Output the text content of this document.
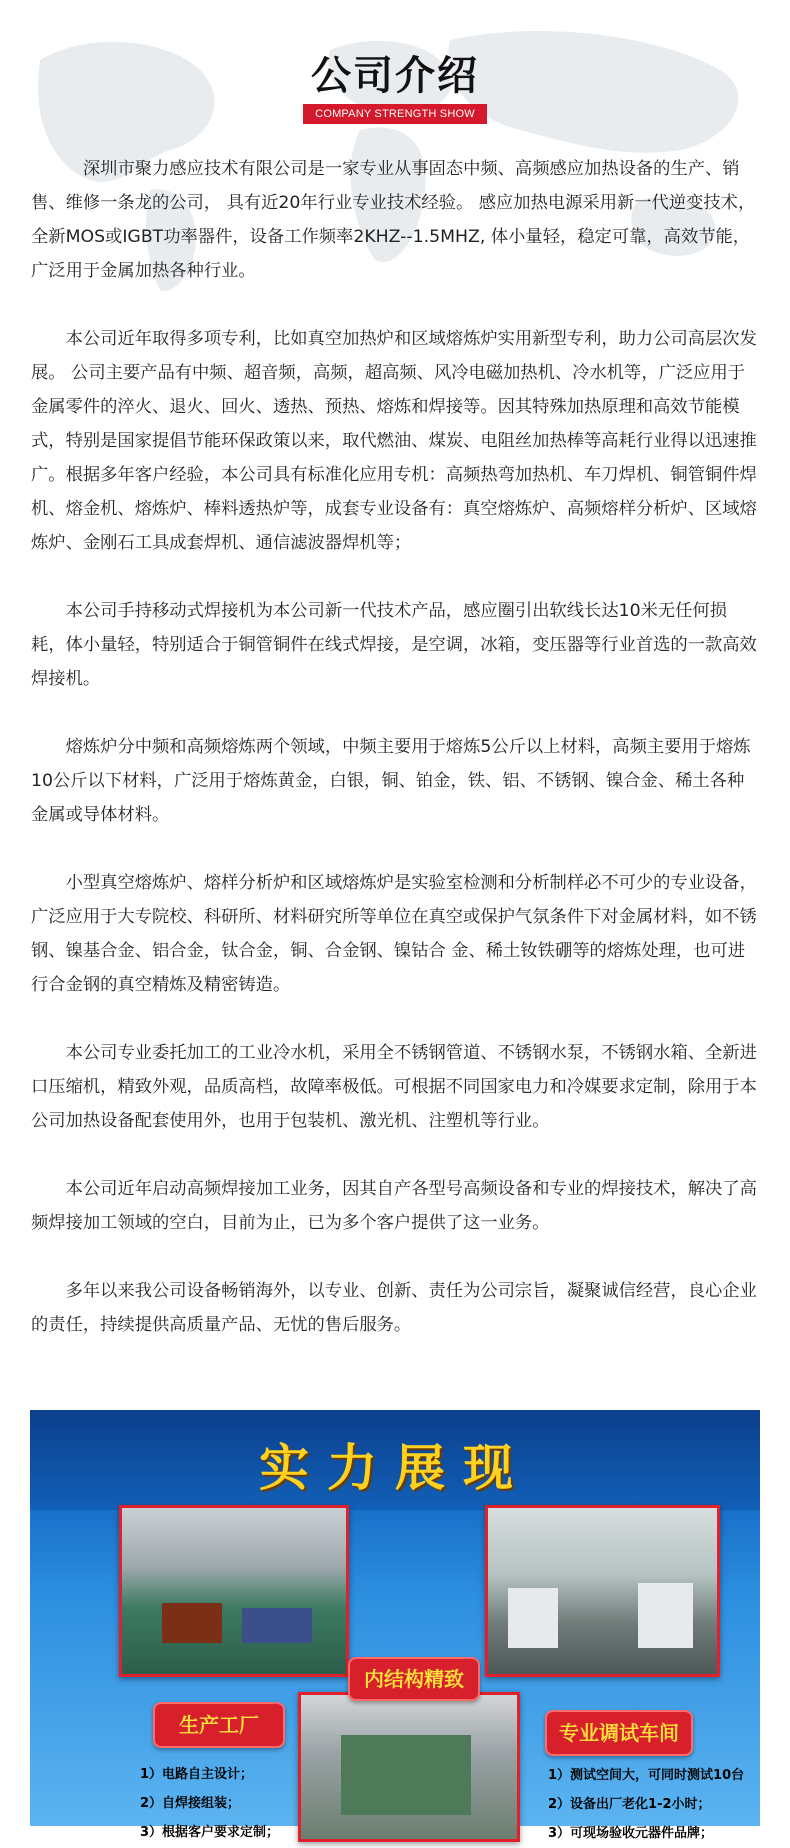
公司介绍
COMPANY STRENGTH SHOW

深圳市聚力感应技术有限公司是一家专业从事固态中频、高频感应加热设备的生产、销售、维修一条龙的公司， 具有近20年行业专业技术经验。 感应加热电源采用新一代逆变技术，全新MOS或IGBT功率器件，设备工作频率2KHZ--1.5MHZ, 体小量轻，稳定可靠，高效节能，广泛用于金属加热各种行业。

本公司近年取得多项专利，比如真空加热炉和区域熔炼炉实用新型专利，助力公司高层次发展。 公司主要产品有中频、超音频，高频，超高频、风冷电磁加热机、冷水机等，广泛应用于金属零件的淬火、退火、回火、透热、预热、熔炼和焊接等。因其特殊加热原理和高效节能模式，特别是国家提倡节能环保政策以来，取代燃油、煤炭、电阻丝加热棒等高耗行业得以迅速推广。根据多年客户经验，本公司具有标准化应用专机：高频热弯加热机、车刀焊机、铜管铜件焊机、熔金机、熔炼炉、棒料透热炉等，成套专业设备有：真空熔炼炉、高频熔样分析炉、区域熔炼炉、金刚石工具成套焊机、通信滤波器焊机等；

本公司手持移动式焊接机为本公司新一代技术产品，感应圈引出软线长达10米无任何损耗，体小量轻，特别适合于铜管铜件在线式焊接，是空调，冰箱，变压器等行业首选的一款高效焊接机。

熔炼炉分中频和高频熔炼两个领域，中频主要用于熔炼5公斤以上材料，高频主要用于熔炼10公斤以下材料，广泛用于熔炼黄金，白银，铜、铂金，铁、铝、不锈钢、镍合金、稀土各种金属或导体材料。

小型真空熔炼炉、熔样分析炉和区域熔炼炉是实验室检测和分析制样必不可少的专业设备，广泛应用于大专院校、科研所、材料研究所等单位在真空或保护气氛条件下对金属材料，如不锈钢、镍基合金、铝合金，钛合金，铜、合金钢、镍钴合 金、稀土钕铁硼等的熔炼处理，也可进行合金钢的真空精炼及精密铸造。

本公司专业委托加工的工业冷水机，采用全不锈钢管道、不锈钢水泵，不锈钢水箱、全新进口压缩机，精致外观，品质高档，故障率极低。可根据不同国家电力和冷媒要求定制，除用于本公司加热设备配套使用外，也用于包装机、激光机、注塑机等行业。

本公司近年启动高频焊接加工业务，因其自产各型号高频设备和专业的焊接技术，解决了高频焊接加工领域的空白，目前为止，已为多个客户提供了这一业务。

多年以来我公司设备畅销海外，以专业、创新、责任为公司宗旨，凝聚诚信经营，良心企业的责任，持续提供高质量产品、无忧的售后服务。

实力展现
内结构精致
生产工厂	专业调试车间
1）电路自主设计；
2）自焊接组装；
3）根据客户要求定制；
1）测试空间大，可同时测试10台
2）设备出厂老化1-2小时；
3）可现场验收元器件品牌；
